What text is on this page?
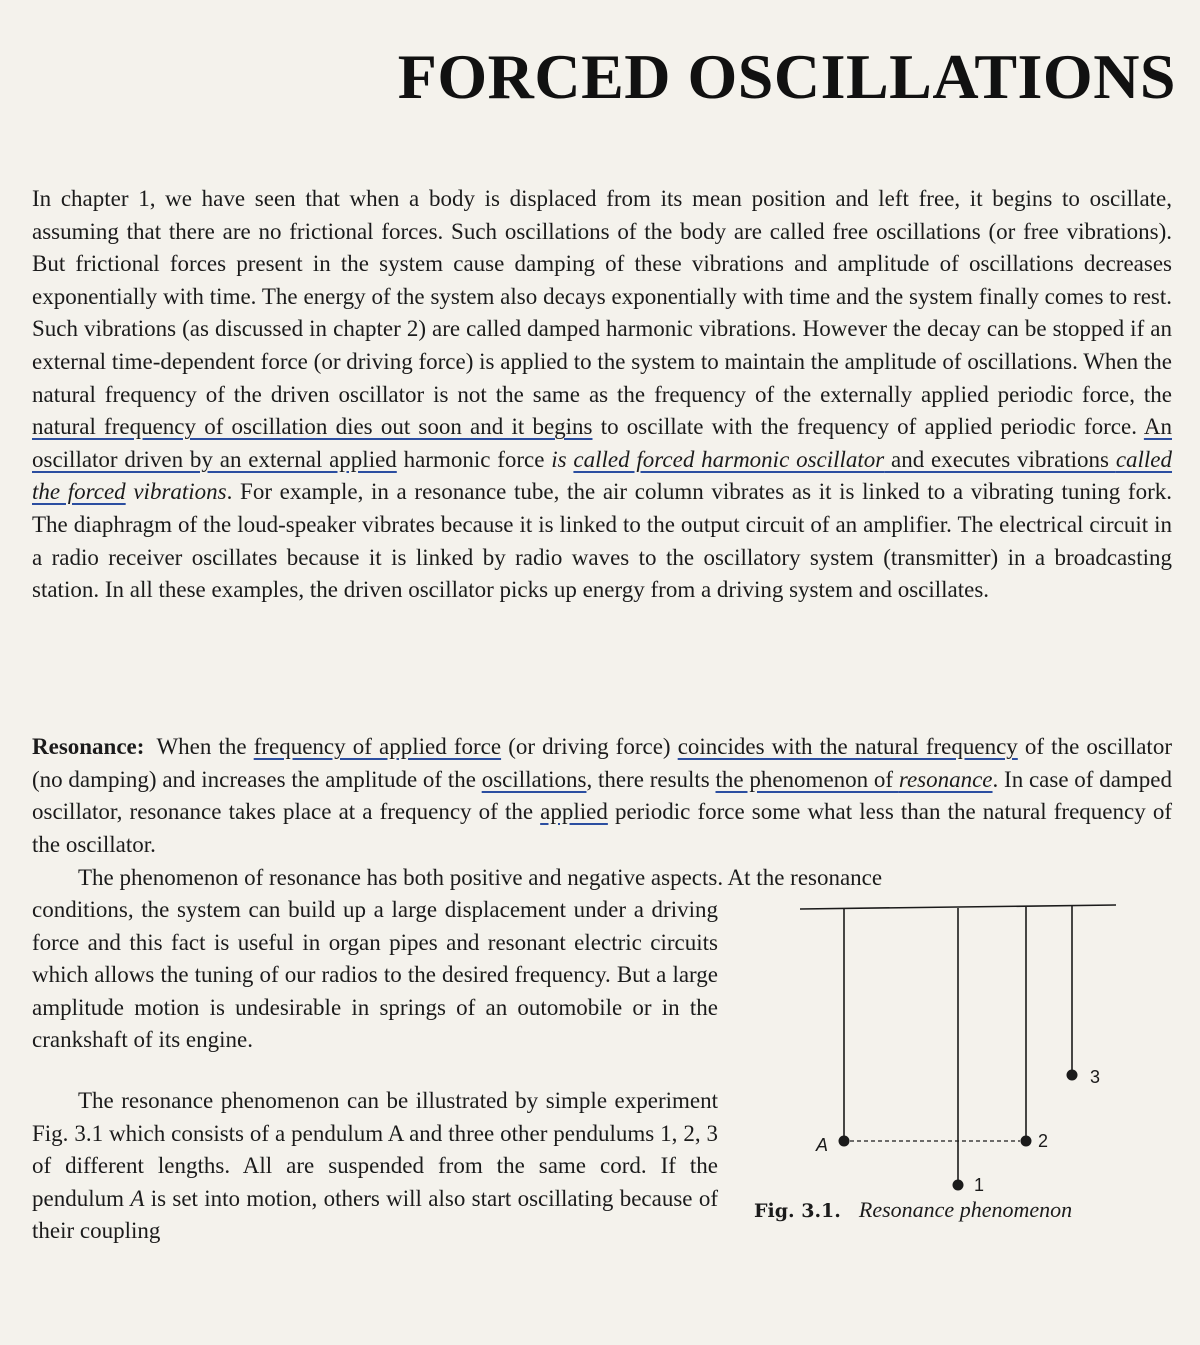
FORCED OSCILLATIONS

In chapter 1, we have seen that when a body is displaced from its mean position and left free, it begins to oscillate, assuming that there are no frictional forces. Such oscillations of the body are called free oscillations (or free vibrations). But frictional forces present in the system cause damping of these vibrations and amplitude of oscillations decreases exponentially with time. The energy of the system also decays exponentially with time and the system finally comes to rest. Such vibrations (as discussed in chapter 2) are called damped harmonic vibrations. However the decay can be stopped if an external time-dependent force (or driving force) is applied to the system to maintain the amplitude of oscillations. When the natural frequency of the driven oscillator is not the same as the frequency of the externally applied periodic force, the natural frequency of oscillation dies out soon and it begins to oscillate with the frequency of applied periodic force. An oscillator driven by an external applied harmonic force is called forced harmonic oscillator and executes vibrations called the forced vibrations. For example, in a resonance tube, the air column vibrates as it is linked to a vibrating tuning fork. The diaphragm of the loud-speaker vibrates because it is linked to the output circuit of an amplifier. The electrical circuit in a radio receiver oscillates because it is linked by radio waves to the oscillatory system (transmitter) in a broadcasting station. In all these examples, the driven oscillator picks up energy from a driving system and oscillates.

Resonance: When the frequency of applied force (or driving force) coincides with the natural frequency of the oscillator (no damping) and increases the amplitude of the oscillations, there results the phenomenon of resonance. In case of damped oscillator, resonance takes place at a frequency of the applied periodic force some what less than the natural frequency of the oscillator.

The phenomenon of resonance has both positive and negative aspects. At the resonance

conditions, the system can build up a large displacement under a driving force and this fact is useful in organ pipes and resonant electric circuits which allows the tuning of our radios to the desired frequency. But a large amplitude motion is undesirable in springs of an outomobile or in the crankshaft of its engine.

The resonance phenomenon can be illustrated by simple experiment Fig. 3.1 which consists of a pendulum A and three other pendulums 1, 2, 3 of different lengths. All are suspended from the same cord. If the pendulum A is set into motion, others will also start oscillating because of their coupling

A
1
2
3
Fig. 3.1. Resonance phenomenon
